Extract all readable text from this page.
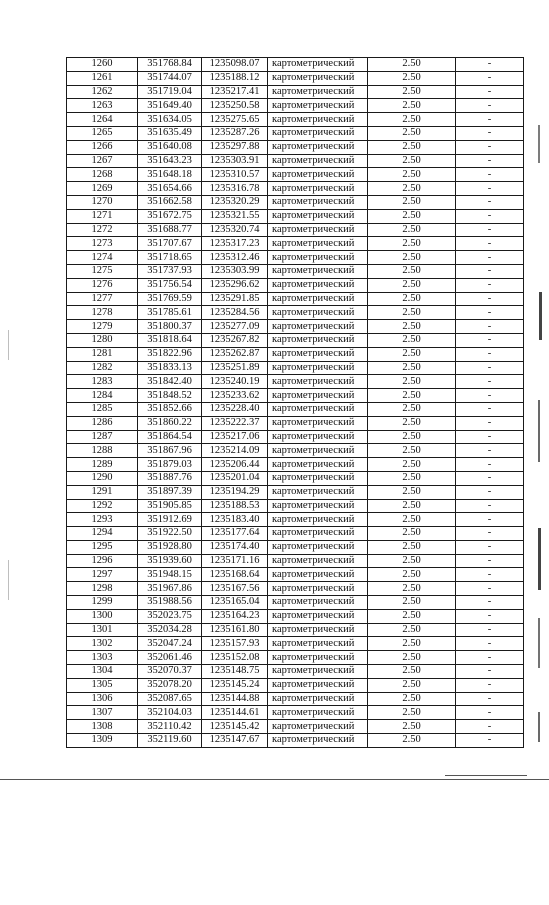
1260	351768.84	1235098.07	картометрический	2.50	-
1261	351744.07	1235188.12	картометрический	2.50	-
1262	351719.04	1235217.41	картометрический	2.50	-
1263	351649.40	1235250.58	картометрический	2.50	-
1264	351634.05	1235275.65	картометрический	2.50	-
1265	351635.49	1235287.26	картометрический	2.50	-
1266	351640.08	1235297.88	картометрический	2.50	-
1267	351643.23	1235303.91	картометрический	2.50	-
1268	351648.18	1235310.57	картометрический	2.50	-
1269	351654.66	1235316.78	картометрический	2.50	-
1270	351662.58	1235320.29	картометрический	2.50	-
1271	351672.75	1235321.55	картометрический	2.50	-
1272	351688.77	1235320.74	картометрический	2.50	-
1273	351707.67	1235317.23	картометрический	2.50	-
1274	351718.65	1235312.46	картометрический	2.50	-
1275	351737.93	1235303.99	картометрический	2.50	-
1276	351756.54	1235296.62	картометрический	2.50	-
1277	351769.59	1235291.85	картометрический	2.50	-
1278	351785.61	1235284.56	картометрический	2.50	-
1279	351800.37	1235277.09	картометрический	2.50	-
1280	351818.64	1235267.82	картометрический	2.50	-
1281	351822.96	1235262.87	картометрический	2.50	-
1282	351833.13	1235251.89	картометрический	2.50	-
1283	351842.40	1235240.19	картометрический	2.50	-
1284	351848.52	1235233.62	картометрический	2.50	-
1285	351852.66	1235228.40	картометрический	2.50	-
1286	351860.22	1235222.37	картометрический	2.50	-
1287	351864.54	1235217.06	картометрический	2.50	-
1288	351867.96	1235214.09	картометрический	2.50	-
1289	351879.03	1235206.44	картометрический	2.50	-
1290	351887.76	1235201.04	картометрический	2.50	-
1291	351897.39	1235194.29	картометрический	2.50	-
1292	351905.85	1235188.53	картометрический	2.50	-
1293	351912.69	1235183.40	картометрический	2.50	-
1294	351922.50	1235177.64	картометрический	2.50	-
1295	351928.80	1235174.40	картометрический	2.50	-
1296	351939.60	1235171.16	картометрический	2.50	-
1297	351948.15	1235168.64	картометрический	2.50	-
1298	351967.86	1235167.56	картометрический	2.50	-
1299	351988.56	1235165.04	картометрический	2.50	-
1300	352023.75	1235164.23	картометрический	2.50	-
1301	352034.28	1235161.80	картометрический	2.50	-
1302	352047.24	1235157.93	картометрический	2.50	-
1303	352061.46	1235152.08	картометрический	2.50	-
1304	352070.37	1235148.75	картометрический	2.50	-
1305	352078.20	1235145.24	картометрический	2.50	-
1306	352087.65	1235144.88	картометрический	2.50	-
1307	352104.03	1235144.61	картометрический	2.50	-
1308	352110.42	1235145.42	картометрический	2.50	-
1309	352119.60	1235147.67	картометрический	2.50	-
